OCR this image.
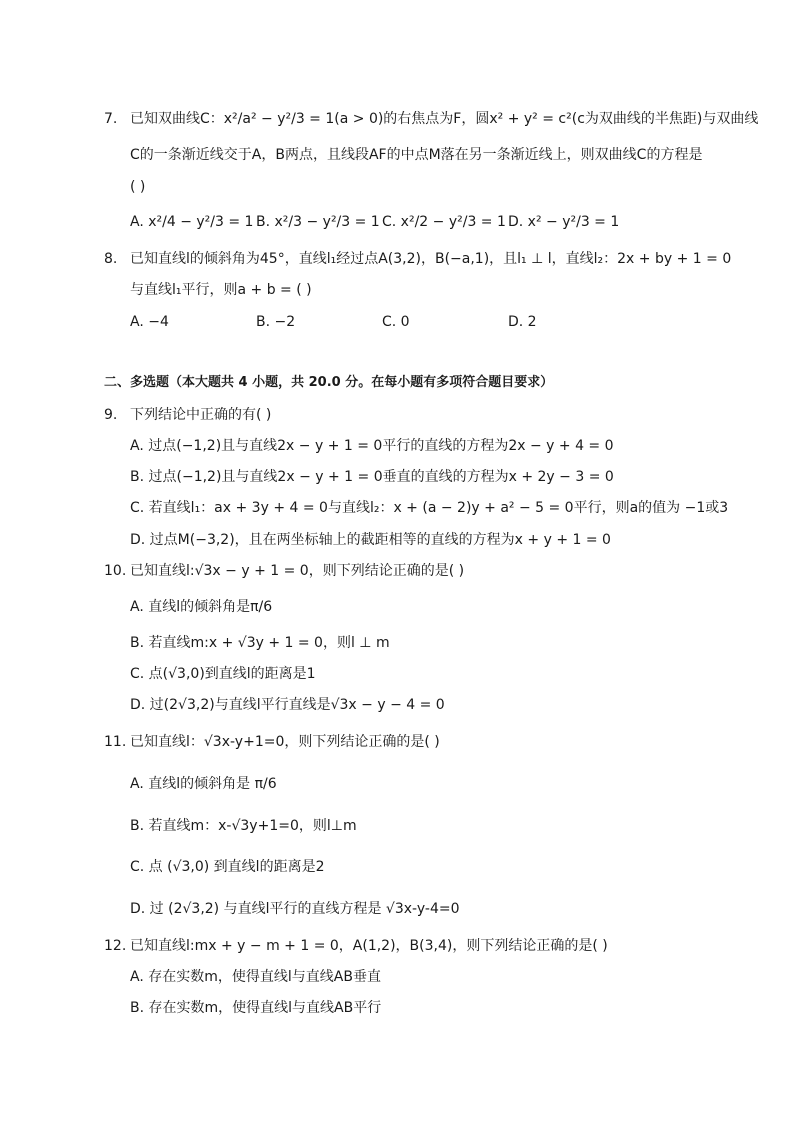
7. 已知双曲线C：x²/a² − y²/3 = 1(a > 0)的右焦点为F，圆x² + y² = c²(c为双曲线的半焦距)与双曲线
C的一条渐近线交于A，B两点，且线段AF的中点M落在另一条渐近线上，则双曲线C的方程是
( )
A. x²/4 − y²/3 = 1 B. x²/3 − y²/3 = 1 C. x²/2 − y²/3 = 1 D. x² − y²/3 = 1
8. 已知直线l的倾斜角为45°，直线l₁经过点A(3,2)，B(−a,1)，且l₁ ⊥ l，直线l₂：2x + by + 1 = 0
与直线l₁平行，则a + b = ( )
A. −4	B. −2	C. 0	D. 2
二、多选题（本大题共 4 小题，共 20.0 分。在每小题有多项符合题目要求）
9. 下列结论中正确的有( )
A. 过点(−1,2)且与直线2x − y + 1 = 0平行的直线的方程为2x − y + 4 = 0
B. 过点(−1,2)且与直线2x − y + 1 = 0垂直的直线的方程为x + 2y − 3 = 0
C. 若直线l₁：ax + 3y + 4 = 0与直线l₂：x + (a − 2)y + a² − 5 = 0平行，则a的值为 −1或3
D. 过点M(−3,2)，且在两坐标轴上的截距相等的直线的方程为x + y + 1 = 0
10. 已知直线l:√3x − y + 1 = 0，则下列结论正确的是( )
A. 直线l的倾斜角是π/6
B. 若直线m:x + √3y + 1 = 0，则l ⊥ m
C. 点(√3,0)到直线l的距离是1
D. 过(2√3,2)与直线l平行直线是√3x − y − 4 = 0
11. 已知直线l：√3x-y+1=0，则下列结论正确的是( )
A. 直线l的倾斜角是 π/6
B. 若直线m：x-√3y+1=0，则l⊥m
C. 点 (√3,0) 到直线l的距离是2
D. 过 (2√3,2) 与直线l平行的直线方程是 √3x-y-4=0
12. 已知直线l:mx + y − m + 1 = 0，A(1,2)，B(3,4)，则下列结论正确的是( )
A. 存在实数m，使得直线l与直线AB垂直
B. 存在实数m，使得直线l与直线AB平行
